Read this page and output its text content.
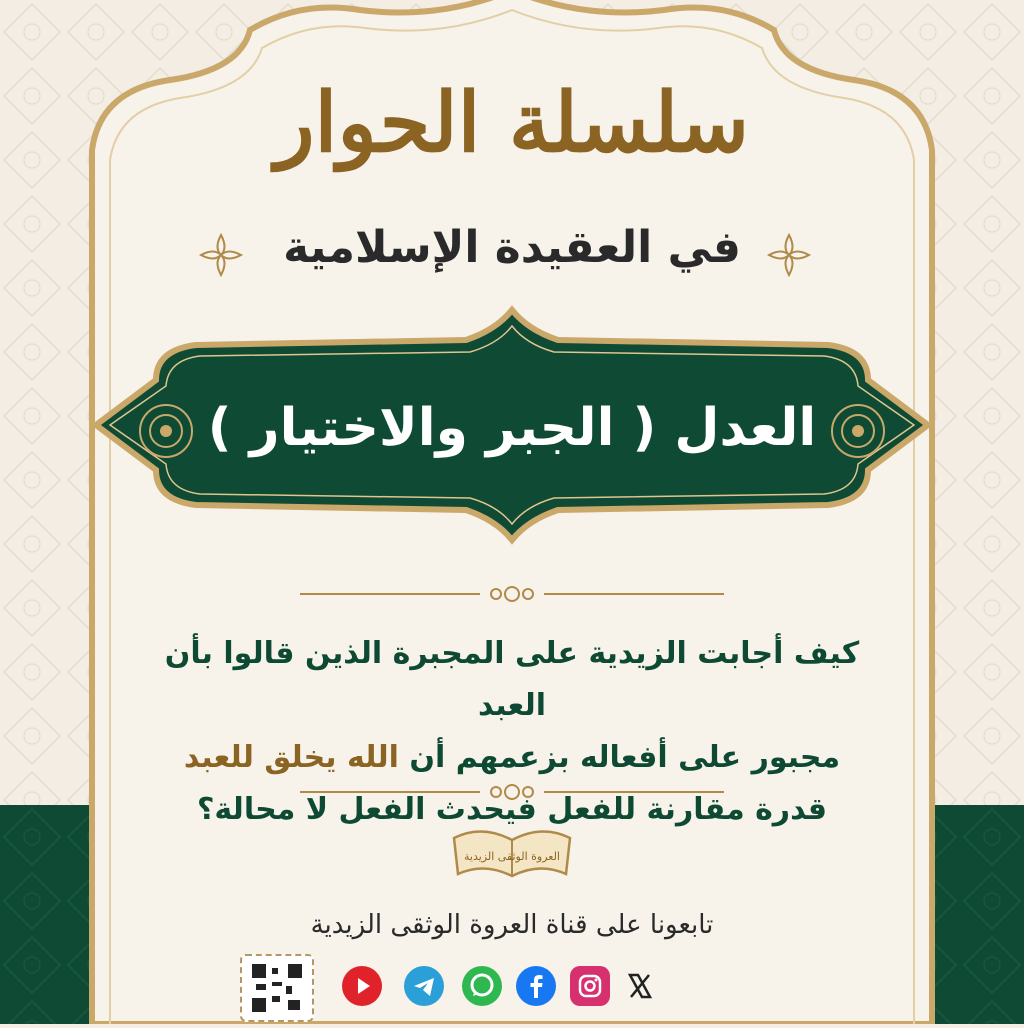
سلسلة الحوار
في العقيدة الإسلامية
العدل ( الجبر والاختيار )
كيف أجابت الزيدية على المجبرة الذين قالوا بأن العبد
مجبور على أفعاله بزعمهم أن الله يخلق للعبد
قدرة مقارنة للفعل فيحدث الفعل لا محالة؟
العروة الوثقى الزيدية
تابعونا على قناة العروة الوثقى الزيدية
